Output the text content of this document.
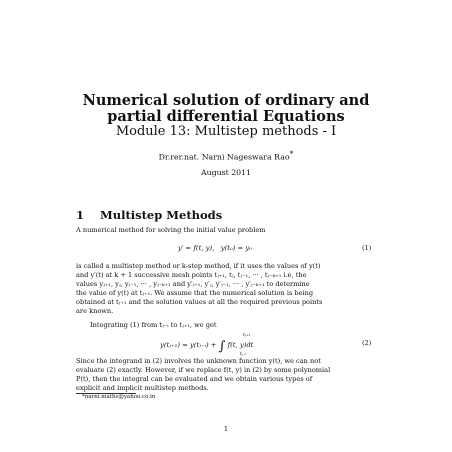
Numerical solution of ordinary and
partial differential Equations
Module 13: Multistep methods - I
Dr.rer.nat. Narni Nageswara Rao*
August 2011
1 Multistep Methods
A numerical method for solving the initial value problem
y′ = f(t, y), y(t₀) = y₀	(1)
is called a multistep method or k-step method, if it uses the values of y(t)
and y′(t) at k + 1 successive mesh points tⱼ₊₁, tⱼ, tⱼ₋₁, ··· , tⱼ₋ₖ₊₁ i.e, the
values yⱼ₊₁, yⱼ, yⱼ₋₁, ··· , yⱼ₋ₖ₊₁ and y′ⱼ₊₁, y′ⱼ, y′ⱼ₋₁, ··· , y′ⱼ₋ₖ₊₁ to determine
the value of y(t) at tⱼ₊₁. We assume that the numerical solution is being
obtained at tⱼ₊₁ and the solution values at all the required previous points
are known.
Integrating (1) from tⱼ₋ᵢ to tⱼ₊₁, we get
y(tⱼ₊₁) = y(tⱼ₋ᵢ) + ∫ f(t, y)dt
tⱼ₊₁
tⱼ₋ᵢ
(2)
Since the integrand in (2) involves the unknown function y(t), we can not
evaluate (2) exactly. However, if we replace f(t, y) in (2) by some polynomial
P(t), then the integral can be evaluated and we obtain various types of
explicit and implicit multistep methods.
*narni.maths@yahoo.co.in
1
